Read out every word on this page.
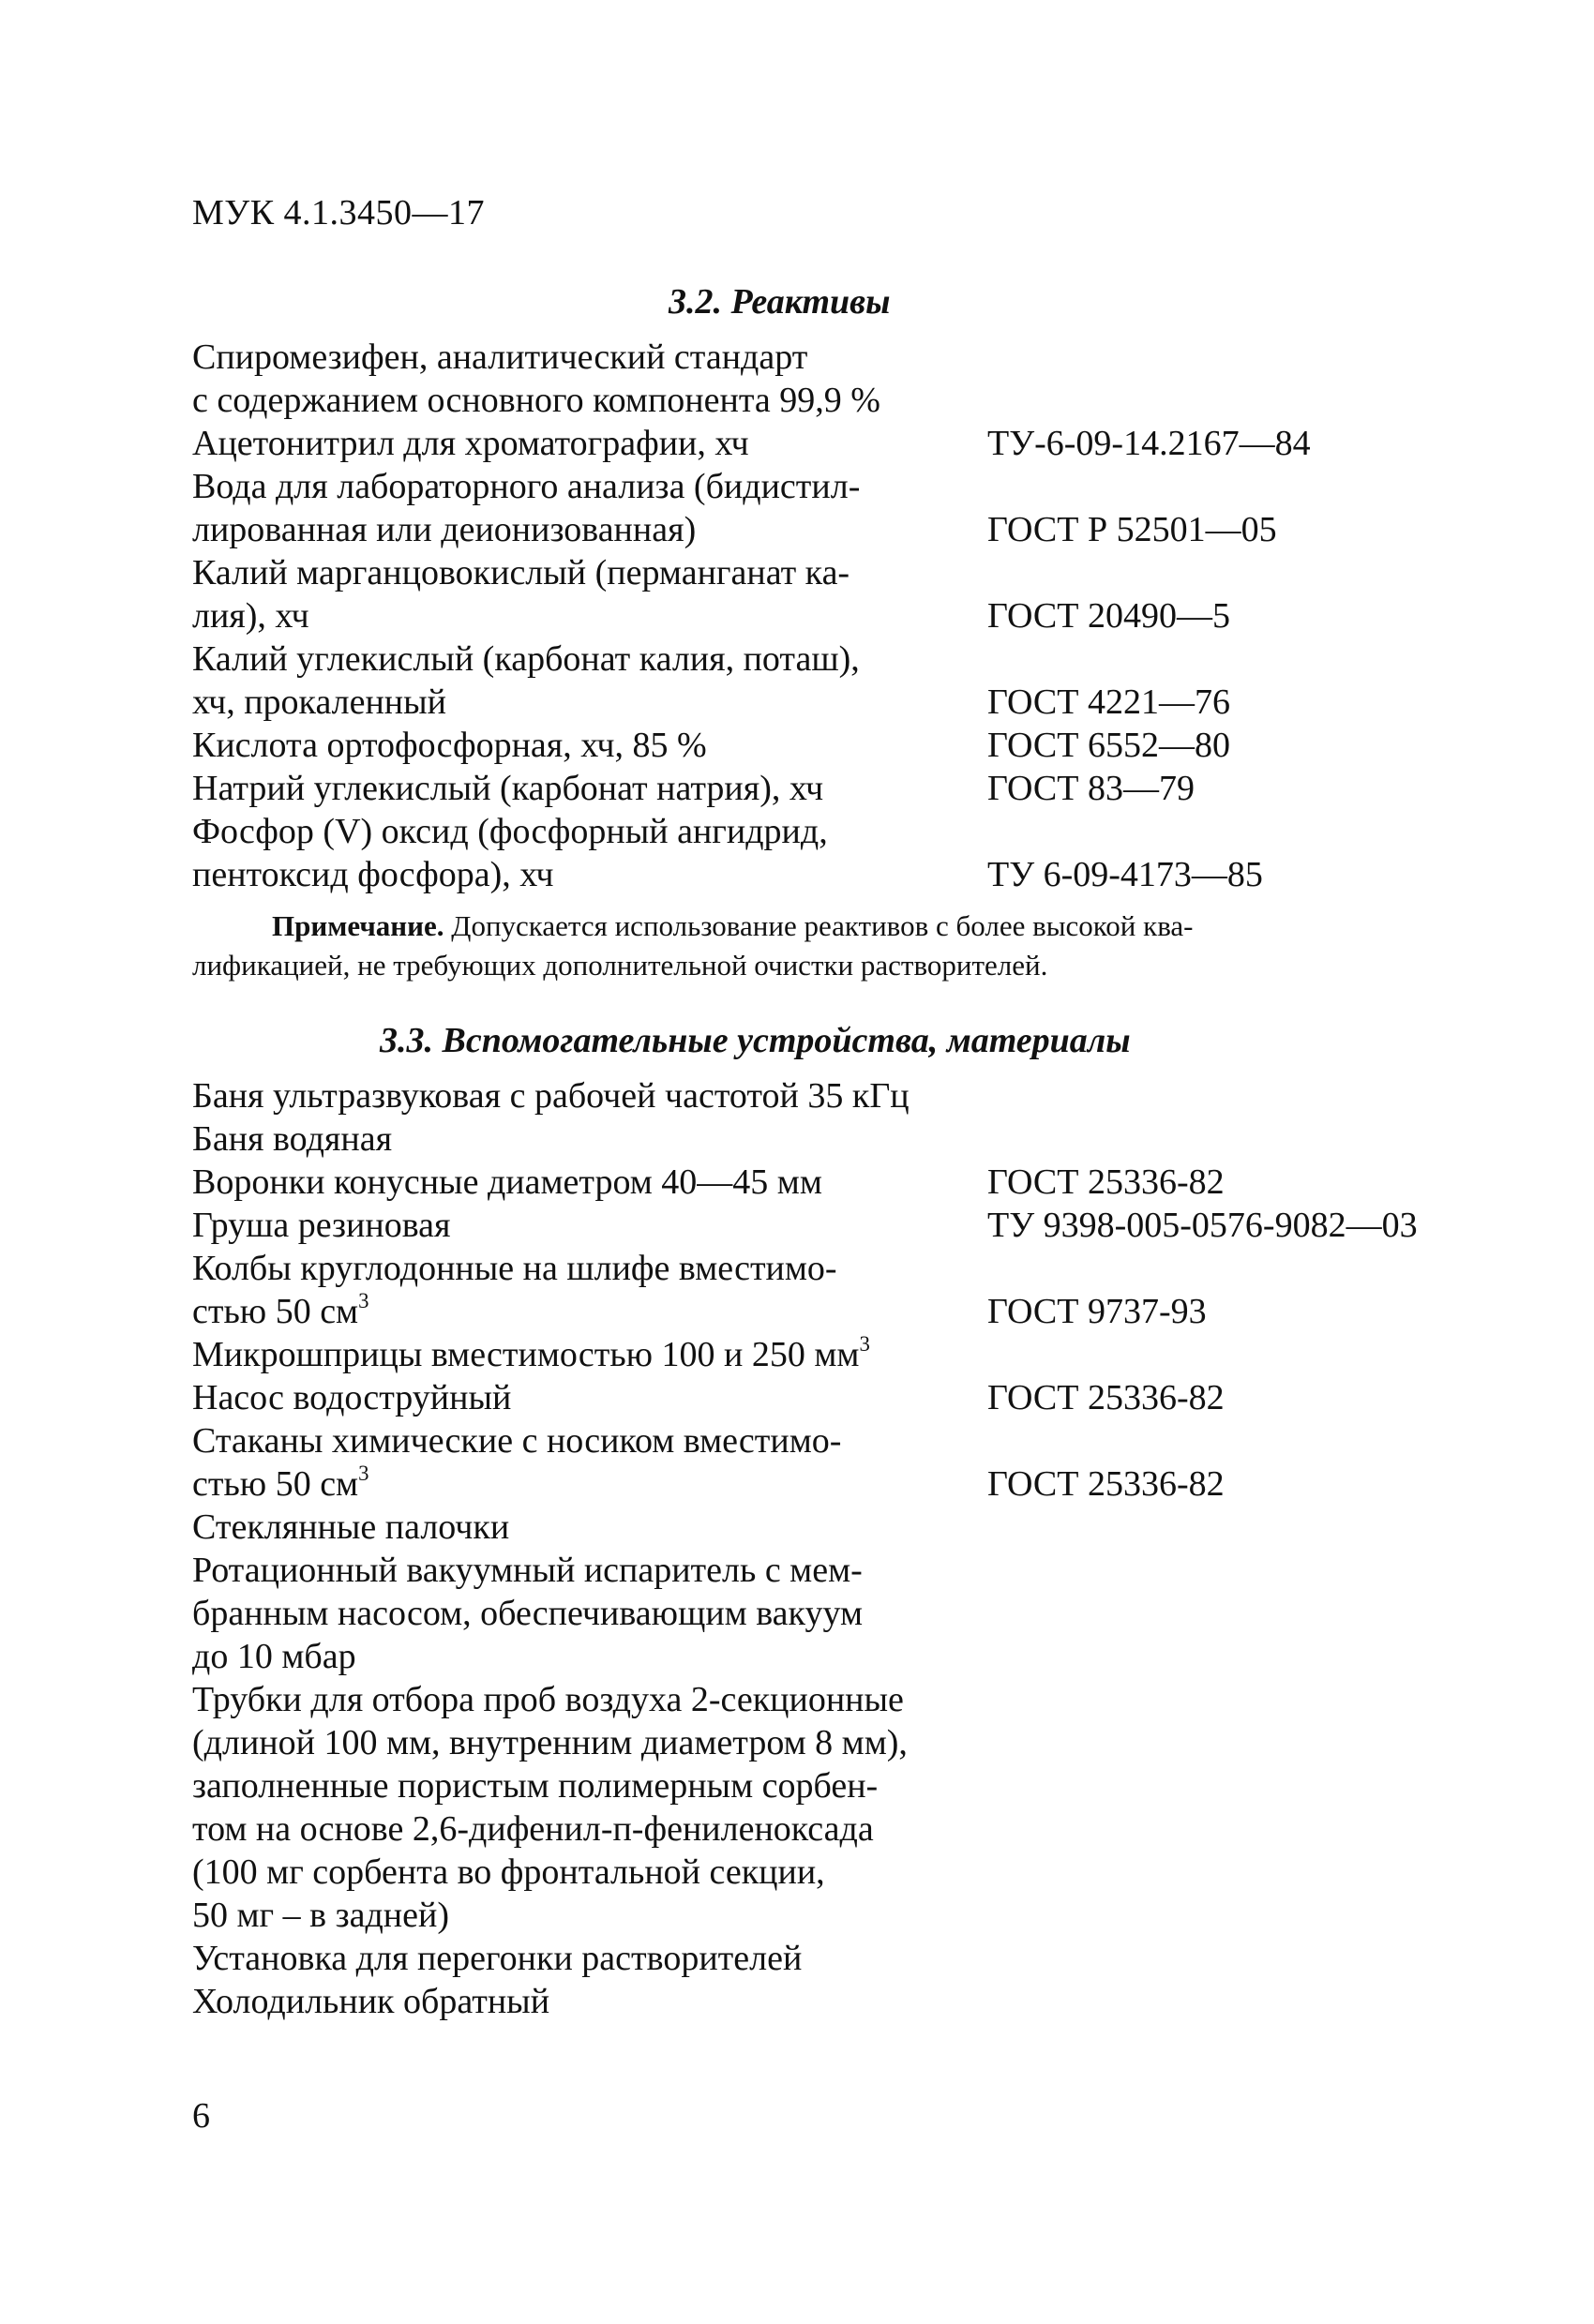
МУК 4.1.3450—17
3.2. Реактивы
Спиромезифен, аналитический стандарт
с содержанием основного компонента 99,9 %
Ацетонитрил для хроматографии, хч	ТУ-6-09-14.2167—84
Вода для лабораторного анализа (бидистил-
лированная или деионизованная)	ГОСТ Р 52501—05
Калий марганцовокислый (перманганат ка-
лия), хч	ГОСТ 20490—5
Калий углекислый (карбонат калия, поташ),
хч, прокаленный	ГОСТ 4221—76
Кислота ортофосфорная, хч, 85 %	ГОСТ 6552—80
Натрий углекислый (карбонат натрия), хч	ГОСТ 83—79
Фосфор (V) оксид (фосфорный ангидрид,
пентоксид фосфора), хч	ТУ 6-09-4173—85
Примечание. Допускается использование реактивов с более высокой ква-
лификацией, не требующих дополнительной очистки растворителей.
3.3. Вспомогательные устройства, материалы
Баня ультразвуковая с рабочей частотой 35 кГц
Баня водяная
Воронки конусные диаметром 40—45 мм	ГОСТ 25336-82
Груша резиновая	ТУ 9398-005-0576-9082—03
Колбы круглодонные на шлифе вместимо-
стью 50 $см^3$	ГОСТ 9737-93
Микрошприцы вместимостью 100 и 250 $мм^3$
Насос водоструйный	ГОСТ 25336-82
Стаканы химические с носиком вместимо-
стью 50 $см^3$	ГОСТ 25336-82
Стеклянные палочки
Ротационный вакуумный испаритель с мем-
бранным насосом, обеспечивающим вакуум
до 10 мбар
Трубки для отбора проб воздуха 2-секционные
(длиной 100 мм, внутренним диаметром 8 мм),
заполненные пористым полимерным сорбен-
том на основе 2,6-дифенил-п-фениленоксада
(100 мг сорбента во фронтальной секции,
50 мг – в задней)
Установка для перегонки растворителей
Холодильник обратный
6
